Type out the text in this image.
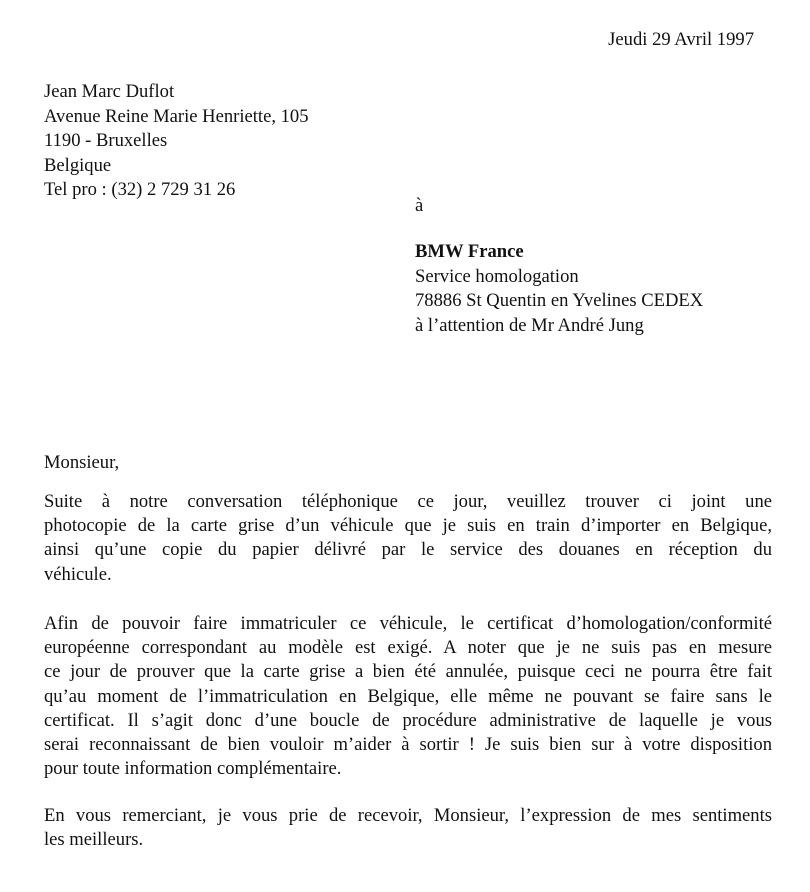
Jeudi 29 Avril 1997
Jean Marc Duflot
Avenue Reine Marie Henriette, 105
1190 - Bruxelles
Belgique
Tel pro : (32) 2 729 31 26
à
BMW France
Service homologation
78886 St Quentin en Yvelines CEDEX
à l’attention de Mr André Jung
Monsieur,
Suite à notre conversation téléphonique ce jour, veuillez trouver ci joint une
photocopie de la carte grise d’un véhicule que je suis en train d’importer en Belgique,
ainsi qu’une copie du papier délivré par le service des douanes en réception du
véhicule.
Afin de pouvoir faire immatriculer ce véhicule, le certificat d’homologation/conformité
européenne correspondant au modèle est exigé. A noter que je ne suis pas en mesure
ce jour de prouver que la carte grise a bien été annulée, puisque ceci ne pourra être fait
qu’au moment de l’immatriculation en Belgique, elle même ne pouvant se faire sans le
certificat. Il s’agit donc d’une boucle de procédure administrative de laquelle je vous
serai reconnaissant de bien vouloir m’aider à sortir ! Je suis bien sur à votre disposition
pour toute information complémentaire.
En vous remerciant, je vous prie de recevoir, Monsieur, l’expression de mes sentiments
les meilleurs.
